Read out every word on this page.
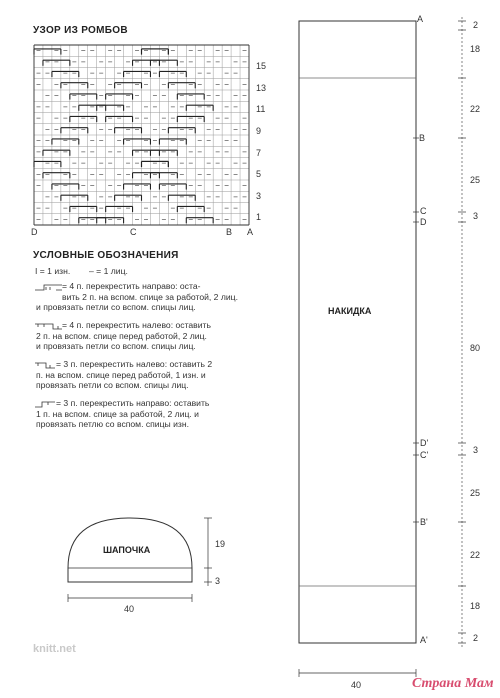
УЗОР ИЗ РОМБОВ
15
13
11
9
7
5
3
1
D	C	B A
УСЛОВНЫЕ ОБОЗНАЧЕНИЯ
I = 1 изн. – = 1 лиц.
= 4 п. перекрестить направо: оста-
вить 2 п. на вспом. спице за работой, 2 лиц.
и провязать петли со вспом. спицы лиц.
= 4 п. перекрестить налево: оставить
2 п. на вспом. спице перед работой, 2 лиц.
и провязать петли со вспом. спицы лиц.
= 3 п. перекрестить налево: оставить 2
п. на вспом. спице перед работой, 1 изн. и
провязать петли со вспом. спицы лиц.
= 3 п. перекрестить направо: оставить
1 п. на вспом. спице за работой, 2 лиц. и
провязать петлю со вспом. спицы изн.
19
3
40
ШАПОЧКА
A
B
C
D
D'
C'
B'
A'
2
18
22
25
3
80
3
25
22
18
2
40
НАКИДКА
knitt.net
Страна Мам
